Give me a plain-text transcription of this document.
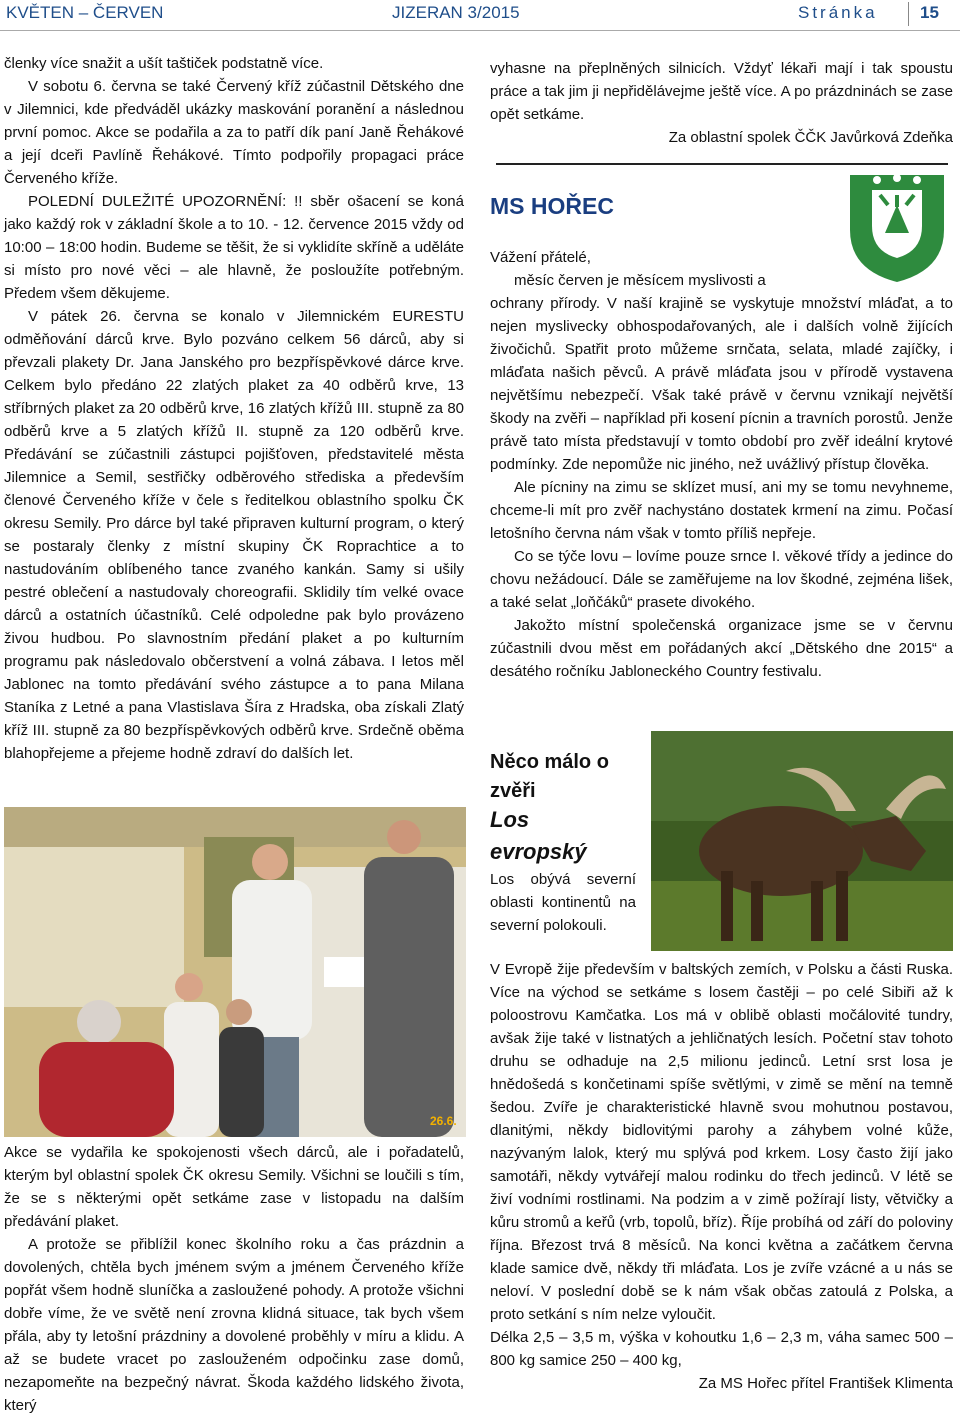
KVĚTEN – ČERVEN	JIZERAN 3/2015	Stránka 15

členky více snažit a ušít taštiček podstatně více.

V sobotu 6. června se také Červený kříž zúčastnil Dětského dne v Jilemnici, kde předváděl ukázky maskování poranění a následnou první pomoc. Akce se podařila a za to patří dík paní Janě Řehákové a její dceři Pavlíně Řehákové. Tímto podpořily propagaci práce Červeného kříže.

POLEDNÍ DULEŽITÉ UPOZORNĚNÍ: !! sběr ošacení se koná jako každý rok v základní škole a to 10. - 12. července 2015 vždy od 10:00 – 18:00 hodin. Budeme se těšit, že si vyklidíte skříně a uděláte si místo pro nové věci – ale hlavně, že posloužíte potřebným. Předem všem děkujeme.

V pátek 26. června se konalo v Jilemnickém EURESTU odměňování dárců krve. Bylo pozváno celkem 56 dárců, aby si převzali plakety Dr. Jana Janského pro bezpříspěvkové dárce krve. Celkem bylo předáno 22 zlatých plaket za 40 odběrů krve, 13 stříbrných plaket za 20 odběrů krve, 16 zlatých křížů III. stupně za 80 odběrů krve a 5 zlatých křížů II. stupně za 120 odběrů krve. Předávání se zúčastnili zástupci pojišťoven, představitelé města Jilemnice a Semil, sestřičky odběrového střediska a především členové Červeného kříže v čele s ředitelkou oblastního spolku ČK okresu Semily. Pro dárce byl také připraven kulturní program, o který se postaraly členky z místní skupiny ČK Roprachtice a to nastudováním oblíbeného tance zvaného kankán. Samy si ušily pestré oblečení a nastudovaly choreografii. Sklidily tím velké ovace dárců a ostatních účastníků. Celé odpoledne pak bylo provázeno živou hudbou. Po slavnostním předání plaket a po kulturním programu pak následovalo občerstvení a volná zábava. I letos měl Jablonec na tomto předávání svého zástupce a to pana Milana Staníka z Letné a pana Vlastislava Šíra z Hradska, oba získali Zlatý kříž III. stupně za 80 bezpříspěvkových odběrů krve. Srdečně oběma blahopřejeme a přejeme hodně zdraví do dalších let.

26.6.

Akce se vydařila ke spokojenosti všech dárců, ale i pořadatelů, kterým byl oblastní spolek ČK okresu Semily. Všichni se loučili s tím, že se s některými opět setkáme zase v listopadu na dalším předávání plaket.

A protože se přiblížil konec školního roku a čas prázdnin a dovolených, chtěla bych jménem svým a jménem Červeného kříže popřát všem hodně sluníčka a zasloužené pohody. A protože všichni dobře víme, že ve světě není zrovna klidná situace, tak bych všem přála, aby ty letošní prázdniny a dovolené proběhly v míru a klidu. A až se budete vracet po zaslouženém odpočinku zase domů, nezapomeňte na bezpečný návrat. Škoda každého lidského života, který

vyhasne na přeplněných silnicích. Vždyť lékaři mají i tak spoustu práce a tak jim ji nepřidělávejme ještě více. A po prázdninách se zase opět setkáme.

Za oblastní spolek ČČK Javůrková Zdeňka

MS HOŘEC

Vážení přátelé,

měsíc červen je měsícem myslivosti a

ochrany přírody. V naší krajině se vyskytuje množství mláďat, a to nejen myslivecky obhospodařovaných, ale i dalších volně žijících živočichů. Spatřit proto můžeme srnčata, selata, mladé zajíčky, i mláďata našich pěvců. A právě mláďata jsou v přírodě vystavena největšímu nebezpečí. Však také právě v červnu vznikají největší škody na zvěři – například při kosení pícnin a travních porostů. Jenže právě tato místa představují v tomto období pro zvěř ideální krytové podmínky. Zde nepomůže nic jiného, než uvážlivý přístup člověka.

Ale pícniny na zimu se sklízet musí, ani my se tomu nevyhneme, chceme-li mít pro zvěř nachystáno dostatek krmení na zimu. Počasí letošního června nám však v tomto příliš nepřeje.

Co se týče lovu – lovíme pouze srnce I. věkové třídy a jedince do chovu nežádoucí. Dále se zaměřujeme na lov škodné, zejména lišek, a také selat „loňčáků“ prasete divokého.

Jakožto místní společenská organizace jsme se v červnu zúčastnili dvou měst em pořádaných akcí „Dětského dne 2015“ a desátého ročníku Jabloneckého Country festivalu.

Něco málo o zvěři
Los evropský

Los obývá severní oblasti kontinentů na severní polokouli.

V Evropě žije především v baltských zemích, v Polsku a části Ruska. Více na východ se setkáme s losem častěji – po celé Sibiři až k poloostrovu Kamčatka. Los má v oblibě oblasti močálovité tundry, avšak žije také v listnatých a jehličnatých lesích. Početní stav tohoto druhu se odhaduje na 2,5 milionu jedinců. Letní srst losa je hnědošedá s končetinami spíše světlými, v zimě se mění na temně šedou. Zvíře je charakteristické hlavně svou mohutnou postavou, dlanitými, někdy bidlovitými parohy a záhybem volné kůže, nazývaným lalok, který mu splývá pod krkem. Losy často žijí jako samotáři, někdy vytvářejí malou rodinku do třech jedinců. V létě se živí vodními rostlinami. Na podzim a v zimě požírají listy, větvičky a kůru stromů a keřů (vrb, topolů, bříz). Říje probíhá od září do poloviny října. Březost trvá 8 měsíců. Na konci května a začátkem června klade samice dvě, někdy tři mláďata. Los je zvíře vzácné a u nás se neloví. V poslední době se k nám však občas zatoulá z Polska, a proto setkání s ním nelze vyloučit.

Délka 2,5 – 3,5 m, výška v kohoutku 1,6 – 2,3 m, váha samec 500 – 800 kg samice 250 – 400 kg,

Za MS Hořec přítel František Klimenta
